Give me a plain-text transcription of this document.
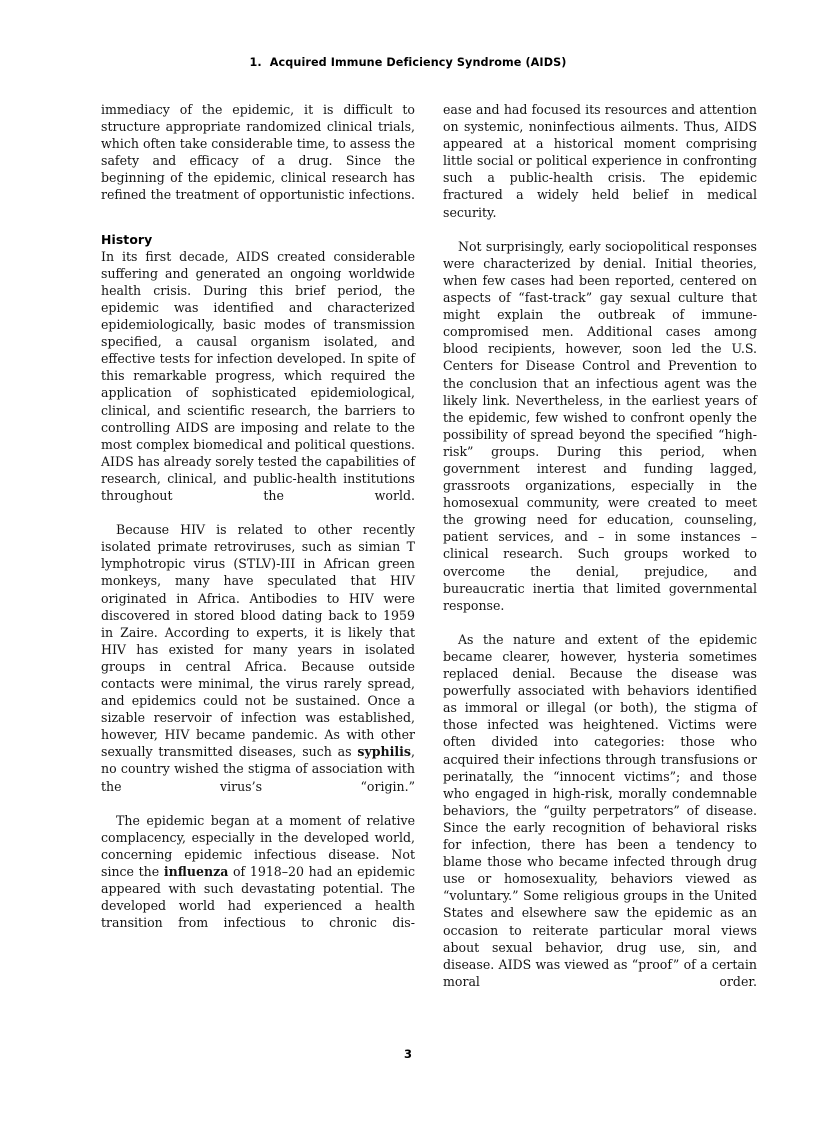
1. Acquired Immune Deficiency Syndrome (AIDS)

immediacy of the epidemic, it is difficult to structure appropriate randomized clinical trials, which often take considerable time, to assess the safety and efficacy of a drug. Since the beginning of the epidemic, clinical research has refined the treatment of opportunistic infections.

History

In its first decade, AIDS created considerable suffering and generated an ongoing worldwide health crisis. During this brief period, the epidemic was identified and characterized epidemiologically, basic modes of transmission specified, a causal organism isolated, and effective tests for infection developed. In spite of this remarkable progress, which required the application of sophisticated epidemiological, clinical, and scientific research, the barriers to controlling AIDS are imposing and relate to the most complex biomedical and political questions. AIDS has already sorely tested the capabilities of research, clinical, and public-health institutions throughout the world.

Because HIV is related to other recently isolated primate retroviruses, such as simian T lymphotropic virus (STLV)-III in African green monkeys, many have speculated that HIV originated in Africa. Antibodies to HIV were discovered in stored blood dating back to 1959 in Zaire. According to experts, it is likely that HIV has existed for many years in isolated groups in central Africa. Because outside contacts were minimal, the virus rarely spread, and epidemics could not be sustained. Once a sizable reservoir of infection was established, however, HIV became pandemic. As with other sexually transmitted diseases, such as syphilis, no country wished the stigma of association with the virus’s “origin.”

The epidemic began at a moment of relative complacency, especially in the developed world, concerning epidemic infectious disease. Not since the influenza of 1918–20 had an epidemic appeared with such devastating potential. The developed world had experienced a health transition from infectious to chronic dis-

ease and had focused its resources and attention on systemic, noninfectious ailments. Thus, AIDS appeared at a historical moment comprising little social or political experience in confronting such a public-health crisis. The epidemic fractured a widely held belief in medical security.

Not surprisingly, early sociopolitical responses were characterized by denial. Initial theories, when few cases had been reported, centered on aspects of “fast-track” gay sexual culture that might explain the outbreak of immune-compromised men. Additional cases among blood recipients, however, soon led the U.S. Centers for Disease Control and Prevention to the conclusion that an infectious agent was the likely link. Nevertheless, in the earliest years of the epidemic, few wished to confront openly the possibility of spread beyond the specified “high-risk” groups. During this period, when government interest and funding lagged, grassroots organizations, especially in the homosexual community, were created to meet the growing need for education, counseling, patient services, and – in some instances – clinical research. Such groups worked to overcome the denial, prejudice, and bureaucratic inertia that limited governmental response.

As the nature and extent of the epidemic became clearer, however, hysteria sometimes replaced denial. Because the disease was powerfully associated with behaviors identified as immoral or illegal (or both), the stigma of those infected was heightened. Victims were often divided into categories: those who acquired their infections through transfusions or perinatally, the “innocent victims”; and those who engaged in high-risk, morally condemnable behaviors, the “guilty perpetrators” of disease. Since the early recognition of behavioral risks for infection, there has been a tendency to blame those who became infected through drug use or homosexuality, behaviors viewed as “voluntary.” Some religious groups in the United States and elsewhere saw the epidemic as an occasion to reiterate particular moral views about sexual behavior, drug use, sin, and disease. AIDS was viewed as “proof” of a certain moral order.

3
